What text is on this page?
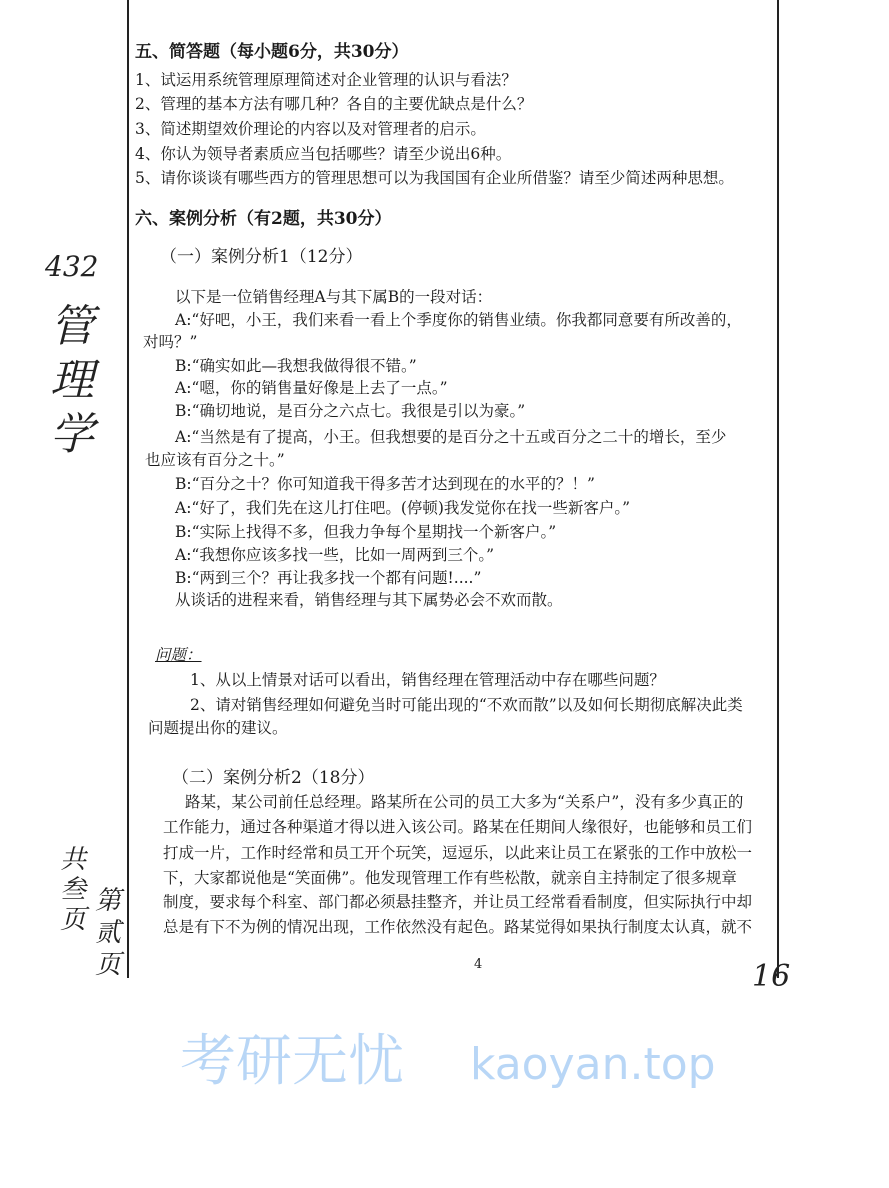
考研无忧 kaoyan.top
五、简答题（每小题6分，共30分）
1、试运用系统管理原理简述对企业管理的认识与看法？
2、管理的基本方法有哪几种？各自的主要优缺点是什么？
3、简述期望效价理论的内容以及对管理者的启示。
4、你认为领导者素质应当包括哪些？请至少说出6种。
5、请你谈谈有哪些西方的管理思想可以为我国国有企业所借鉴？请至少简述两种思想。
六、案例分析（有2题，共30分）
（一）案例分析1（12分）
以下是一位销售经理A与其下属B的一段对话：
A:“好吧，小王，我们来看一看上个季度你的销售业绩。你我都同意要有所改善的，
对吗？”
B:“确实如此—我想我做得很不错。”
A:“嗯，你的销售量好像是上去了一点。”
B:“确切地说，是百分之六点七。我很是引以为豪。”
A:“当然是有了提高，小王。但我想要的是百分之十五或百分之二十的增长，至少
也应该有百分之十。”
B:“百分之十？你可知道我干得多苦才达到现在的水平的？！”
A:“好了，我们先在这儿打住吧。(停顿)我发觉你在找一些新客户。”
B:“实际上找得不多，但我力争每个星期找一个新客户。”
A:“我想你应该多找一些，比如一周两到三个。”
B:“两到三个？再让我多找一个都有问题!....”
从谈话的进程来看，销售经理与其下属势必会不欢而散。
问题：
1、从以上情景对话可以看出，销售经理在管理活动中存在哪些问题？
2、请对销售经理如何避免当时可能出现的“不欢而散”以及如何长期彻底解决此类
问题提出你的建议。
（二）案例分析2（18分）
路某，某公司前任总经理。路某所在公司的员工大多为“关系户”，没有多少真正的
工作能力，通过各种渠道才得以进入该公司。路某在任期间人缘很好，也能够和员工们
打成一片，工作时经常和员工开个玩笑，逗逗乐，以此来让员工在紧张的工作中放松一
下，大家都说他是“笑面佛”。他发现管理工作有些松散，就亲自主持制定了很多规章
制度，要求每个科室、部门都必须悬挂整齐，并让员工经常看看制度，但实际执行中却
总是有下不为例的情况出现，工作依然没有起色。路某觉得如果执行制度太认真，就不
4
432
管理学
共叁页
第贰页	16
